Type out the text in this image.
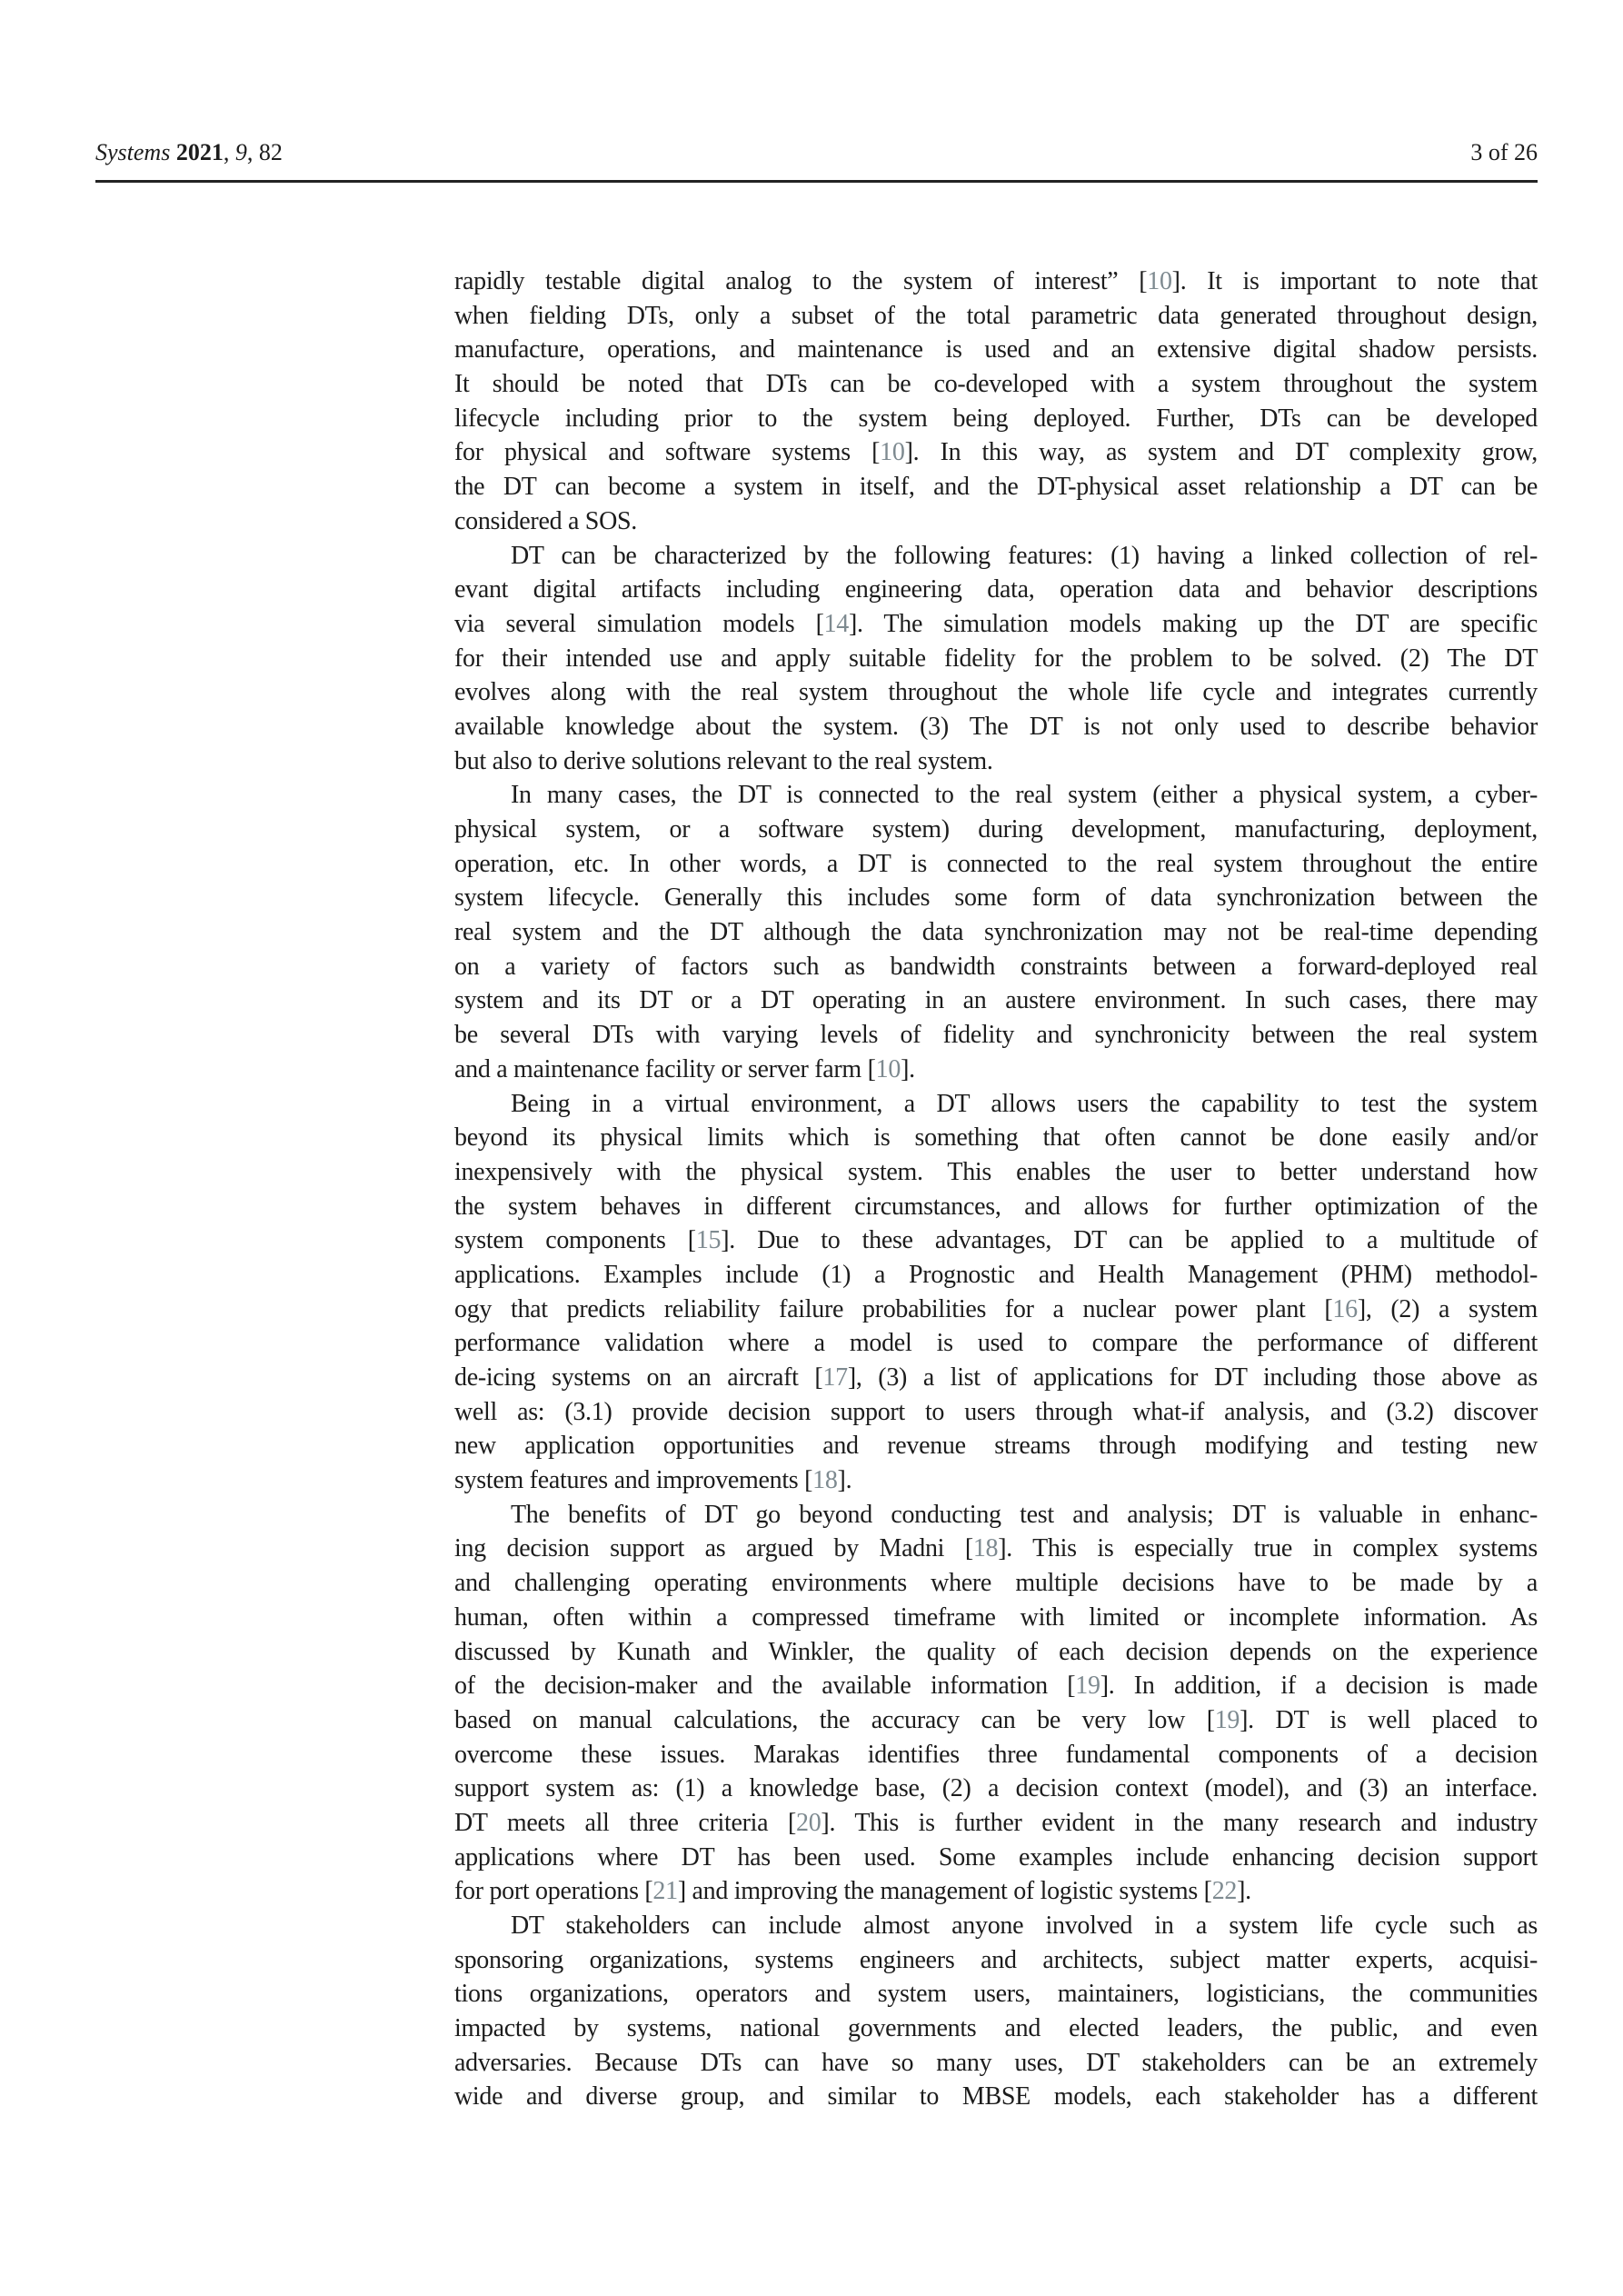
Systems 2021, 9, 82	3 of 26
rapidly testable digital analog to the system of interest” [10]. It is important to note that
when fielding DTs, only a subset of the total parametric data generated throughout design,
manufacture, operations, and maintenance is used and an extensive digital shadow persists.
It should be noted that DTs can be co-developed with a system throughout the system
lifecycle including prior to the system being deployed. Further, DTs can be developed
for physical and software systems [10]. In this way, as system and DT complexity grow,
the DT can become a system in itself, and the DT-physical asset relationship a DT can be
considered a SOS.
DT can be characterized by the following features: (1) having a linked collection of rel-
evant digital artifacts including engineering data, operation data and behavior descriptions
via several simulation models [14]. The simulation models making up the DT are specific
for their intended use and apply suitable fidelity for the problem to be solved. (2) The DT
evolves along with the real system throughout the whole life cycle and integrates currently
available knowledge about the system. (3) The DT is not only used to describe behavior
but also to derive solutions relevant to the real system.
In many cases, the DT is connected to the real system (either a physical system, a cyber-
physical system, or a software system) during development, manufacturing, deployment,
operation, etc. In other words, a DT is connected to the real system throughout the entire
system lifecycle. Generally this includes some form of data synchronization between the
real system and the DT although the data synchronization may not be real-time depending
on a variety of factors such as bandwidth constraints between a forward-deployed real
system and its DT or a DT operating in an austere environment. In such cases, there may
be several DTs with varying levels of fidelity and synchronicity between the real system
and a maintenance facility or server farm [10].
Being in a virtual environment, a DT allows users the capability to test the system
beyond its physical limits which is something that often cannot be done easily and/or
inexpensively with the physical system. This enables the user to better understand how
the system behaves in different circumstances, and allows for further optimization of the
system components [15]. Due to these advantages, DT can be applied to a multitude of
applications. Examples include (1) a Prognostic and Health Management (PHM) methodol-
ogy that predicts reliability failure probabilities for a nuclear power plant [16], (2) a system
performance validation where a model is used to compare the performance of different
de-icing systems on an aircraft [17], (3) a list of applications for DT including those above as
well as: (3.1) provide decision support to users through what-if analysis, and (3.2) discover
new application opportunities and revenue streams through modifying and testing new
system features and improvements [18].
The benefits of DT go beyond conducting test and analysis; DT is valuable in enhanc-
ing decision support as argued by Madni [18]. This is especially true in complex systems
and challenging operating environments where multiple decisions have to be made by a
human, often within a compressed timeframe with limited or incomplete information. As
discussed by Kunath and Winkler, the quality of each decision depends on the experience
of the decision-maker and the available information [19]. In addition, if a decision is made
based on manual calculations, the accuracy can be very low [19]. DT is well placed to
overcome these issues. Marakas identifies three fundamental components of a decision
support system as: (1) a knowledge base, (2) a decision context (model), and (3) an interface.
DT meets all three criteria [20]. This is further evident in the many research and industry
applications where DT has been used. Some examples include enhancing decision support
for port operations [21] and improving the management of logistic systems [22].
DT stakeholders can include almost anyone involved in a system life cycle such as
sponsoring organizations, systems engineers and architects, subject matter experts, acquisi-
tions organizations, operators and system users, maintainers, logisticians, the communities
impacted by systems, national governments and elected leaders, the public, and even
adversaries. Because DTs can have so many uses, DT stakeholders can be an extremely
wide and diverse group, and similar to MBSE models, each stakeholder has a different
